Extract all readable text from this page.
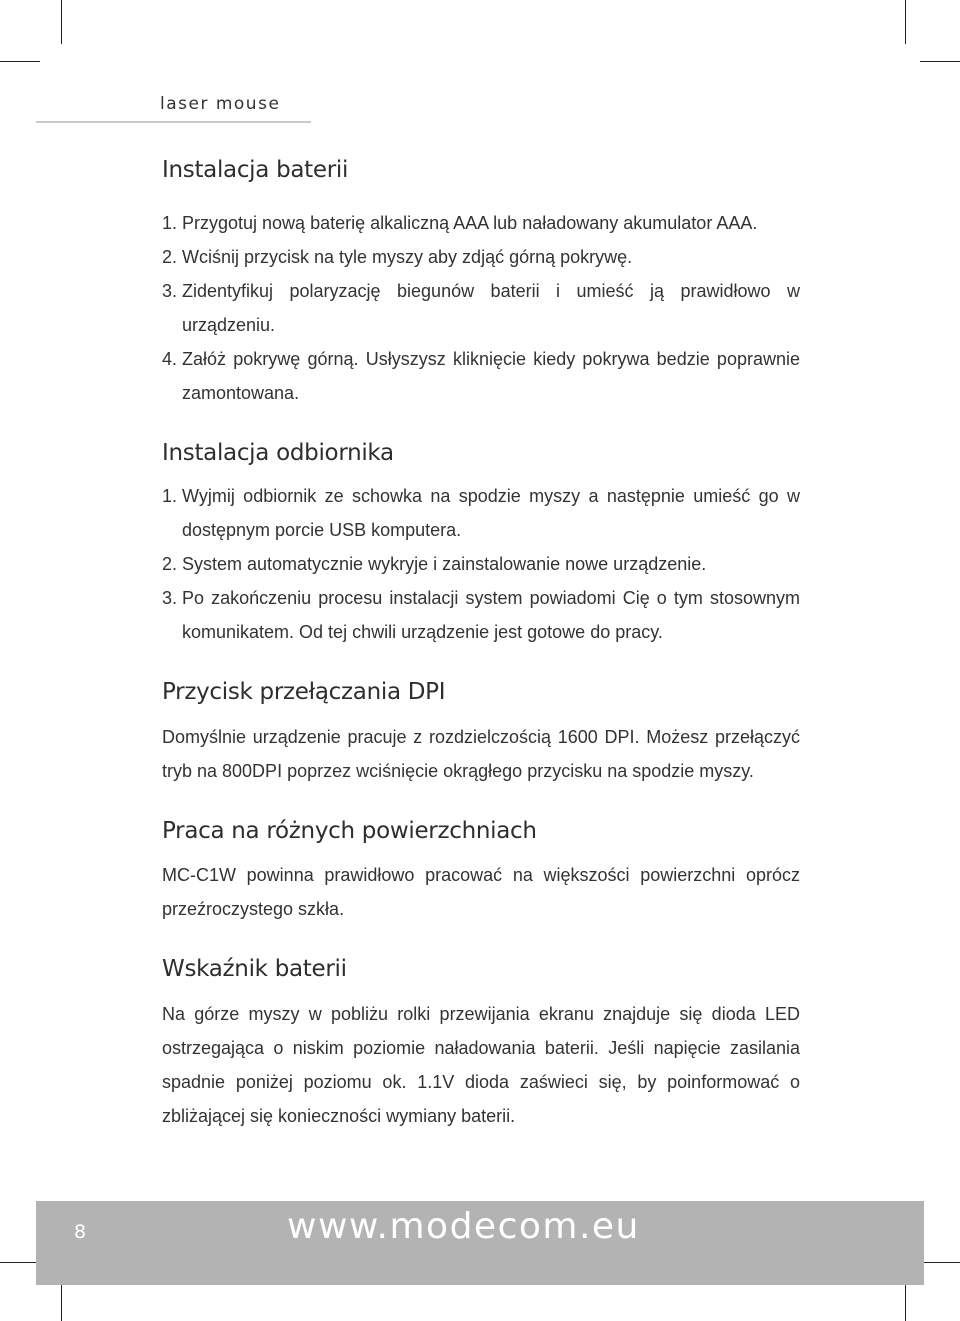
laser mouse
Instalacja baterii
1. Przygotuj nową baterię alkaliczną AAA lub naładowany akumulator AAA.
2. Wciśnij przycisk na tyle myszy aby zdjąć górną pokrywę.
3. Zidentyfikuj polaryzację biegunów baterii i umieść ją prawidłowo w urządzeniu.
4. Załóż pokrywę górną. Usłyszysz kliknięcie kiedy pokrywa bedzie poprawnie zamontowana.
Instalacja odbiornika
1. Wyjmij odbiornik ze schowka na spodzie myszy a następnie umieść go w dostępnym porcie USB komputera.
2. System automatycznie wykryje i zainstalowanie nowe urządzenie.
3. Po zakończeniu procesu instalacji system powiadomi Cię o tym stosownym komunikatem. Od tej chwili urządzenie jest gotowe do pracy.
Przycisk przełączania DPI

Domyślnie urządzenie pracuje z rozdzielczością 1600 DPI. Możesz przełączyć tryb na 800DPI poprzez wciśnięcie okrągłego przycisku na spodzie myszy.

Praca na różnych powierzchniach

MC-C1W powinna prawidłowo pracować na większości powierzchni oprócz przeźroczystego szkła.

Wskaźnik baterii

Na górze myszy w pobliżu rolki przewijania ekranu znajduje się dioda LED ostrzegająca o niskim poziomie naładowania baterii. Jeśli napięcie zasilania spadnie poniżej poziomu ok. 1.1V dioda zaświeci się, by poinformować o zbliżającej się konieczności wymiany baterii.

8	www.modecom.eu
